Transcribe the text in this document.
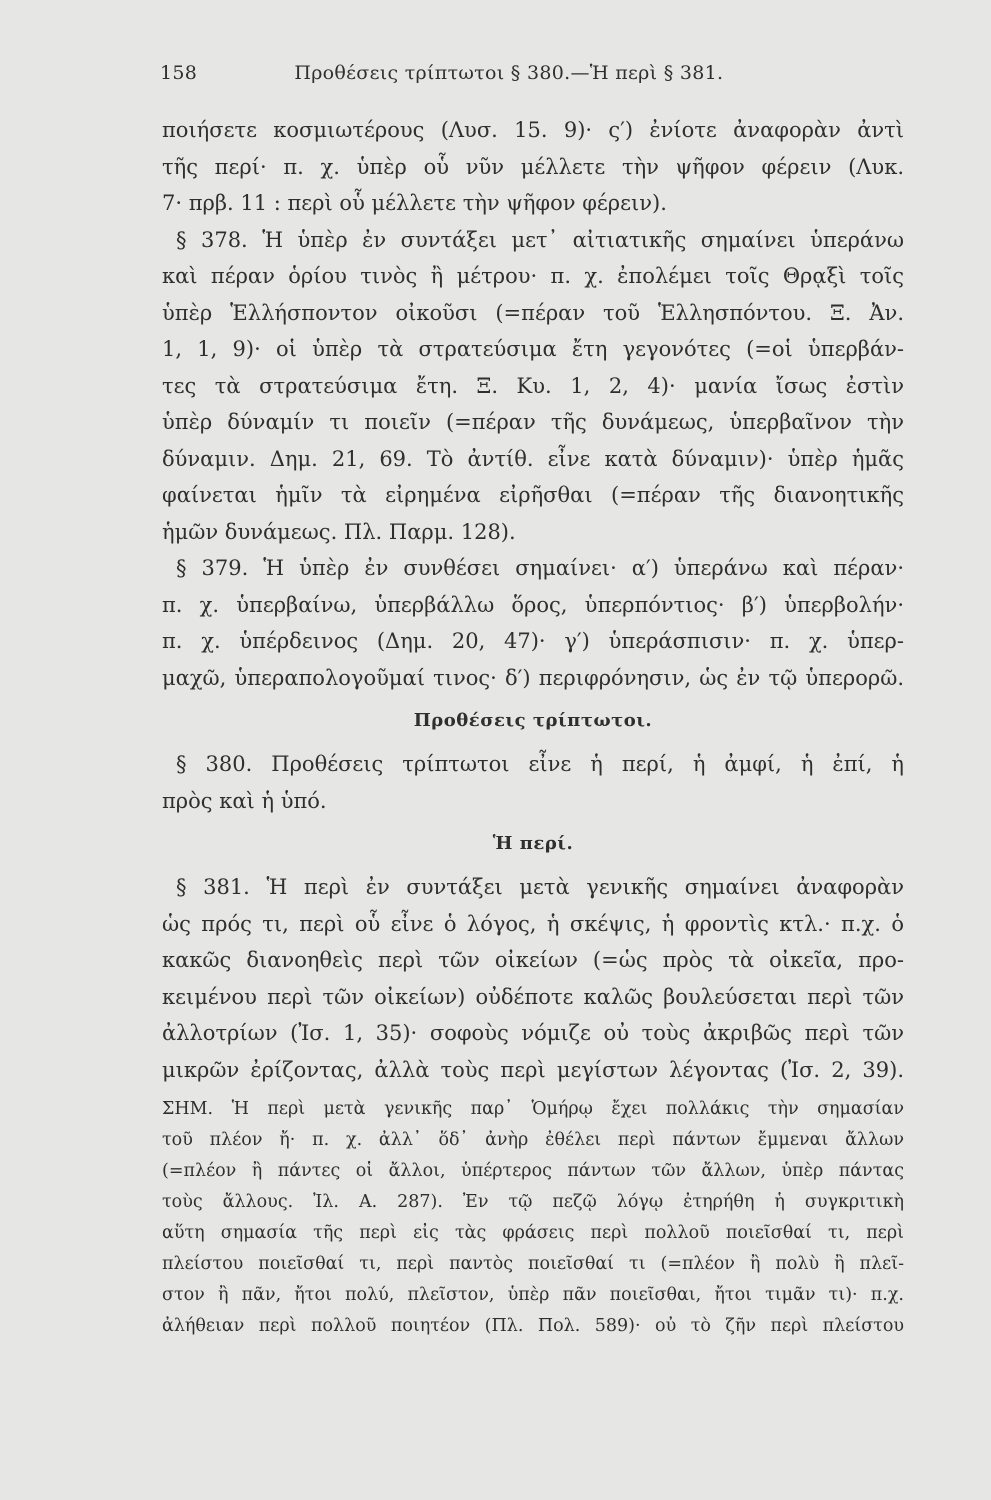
158	Προθέσεις τρίπτωτοι § 380.—Ἡ περὶ § 381.
ποιήσετε κοσμιωτέρους (Λυσ. 15. 9)· ς′) ἐνίοτε ἀναφορὰν ἀντὶ
τῆς περί· π. χ. ὑπὲρ οὗ νῦν μέλλετε τὴν ψῆφον φέρειν (Λυκ.
7· πρβ. 11 : περὶ οὗ μέλλετε τὴν ψῆφον φέρειν).
§ 378. Ἡ ὑπὲρ ἐν συντάξει μετ᾽ αἰτιατικῆς σημαίνει ὑπεράνω
καὶ πέραν ὁρίου τινὸς ἢ μέτρου· π. χ. ἐπολέμει τοῖς Θρᾳξὶ τοῖς
ὑπὲρ Ἑλλήσποντον οἰκοῦσι (=πέραν τοῦ Ἑλλησπόντου. Ξ. Ἀν.
1, 1, 9)· οἱ ὑπὲρ τὰ στρατεύσιμα ἔτη γεγονότες (=οἱ ὑπερβάν-
τες τὰ στρατεύσιμα ἔτη. Ξ. Κυ. 1, 2, 4)· μανία ἴσως ἐστὶν
ὑπὲρ δύναμίν τι ποιεῖν (=πέραν τῆς δυνάμεως, ὑπερβαῖνον τὴν
δύναμιν. Δημ. 21, 69. Τὸ ἀντίθ. εἶνε κατὰ δύναμιν)· ὑπὲρ ἡμᾶς
φαίνεται ἡμῖν τὰ εἰρημένα εἰρῆσθαι (=πέραν τῆς διανοητικῆς
ἡμῶν δυνάμεως. Πλ. Παρμ. 128).
§ 379. Ἡ ὑπὲρ ἐν συνθέσει σημαίνει· α′) ὑπεράνω καὶ πέραν·
π. χ. ὑπερβαίνω, ὑπερβάλλω ὅρος, ὑπερπόντιος· β′) ὑπερβολήν·
π. χ. ὑπέρδεινος (Δημ. 20, 47)· γ′) ὑπεράσπισιν· π. χ. ὑπερ-
μαχῶ, ὑπεραπολογοῦμαί τινος· δ′) περιφρόνησιν, ὡς ἐν τῷ ὑπερορῶ.
Προθέσεις τρίπτωτοι.
§ 380. Προθέσεις τρίπτωτοι εἶνε ἡ περί, ἡ ἀμφί, ἡ ἐπί, ἡ
πρὸς καὶ ἡ ὑπό.
Ἡ περί.
§ 381. Ἡ περὶ ἐν συντάξει μετὰ γενικῆς σημαίνει ἀναφορὰν
ὡς πρός τι, περὶ οὗ εἶνε ὁ λόγος, ἡ σκέψις, ἡ φροντὶς κτλ.· π.χ. ὁ
κακῶς διανοηθεὶς περὶ τῶν οἰκείων (=ὡς πρὸς τὰ οἰκεῖα, προ-
κειμένου περὶ τῶν οἰκείων) οὐδέποτε καλῶς βουλεύσεται περὶ τῶν
ἀλλοτρίων (Ἰσ. 1, 35)· σοφοὺς νόμιζε οὐ τοὺς ἀκριβῶς περὶ τῶν
μικρῶν ἐρίζοντας, ἀλλὰ τοὺς περὶ μεγίστων λέγοντας (Ἰσ. 2, 39).
ΣΗΜ. Ἡ περὶ μετὰ γενικῆς παρ᾽ Ὁμήρῳ ἔχει πολλάκις τὴν σημασίαν
τοῦ πλέον ἤ· π. χ. ἀλλ᾽ ὅδ᾽ ἀνὴρ ἐθέλει περὶ πάντων ἔμμεναι ἄλλων
(=πλέον ἢ πάντες οἱ ἄλλοι, ὑπέρτερος πάντων τῶν ἄλλων, ὑπὲρ πάντας
τοὺς ἄλλους. Ἰλ. Α. 287). Ἐν τῷ πεζῷ λόγῳ ἐτηρήθη ἡ συγκριτικὴ
αὕτη σημασία τῆς περὶ εἰς τὰς φράσεις περὶ πολλοῦ ποιεῖσθαί τι, περὶ
πλείστου ποιεῖσθαί τι, περὶ παντὸς ποιεῖσθαί τι (=πλέον ἢ πολὺ ἢ πλεῖ-
στον ἢ πᾶν, ἤτοι πολύ, πλεῖστον, ὑπὲρ πᾶν ποιεῖσθαι, ἤτοι τιμᾶν τι)· π.χ.
ἀλήθειαν περὶ πολλοῦ ποιητέον (Πλ. Πολ. 589)· οὐ τὸ ζῆν περὶ πλείστου
